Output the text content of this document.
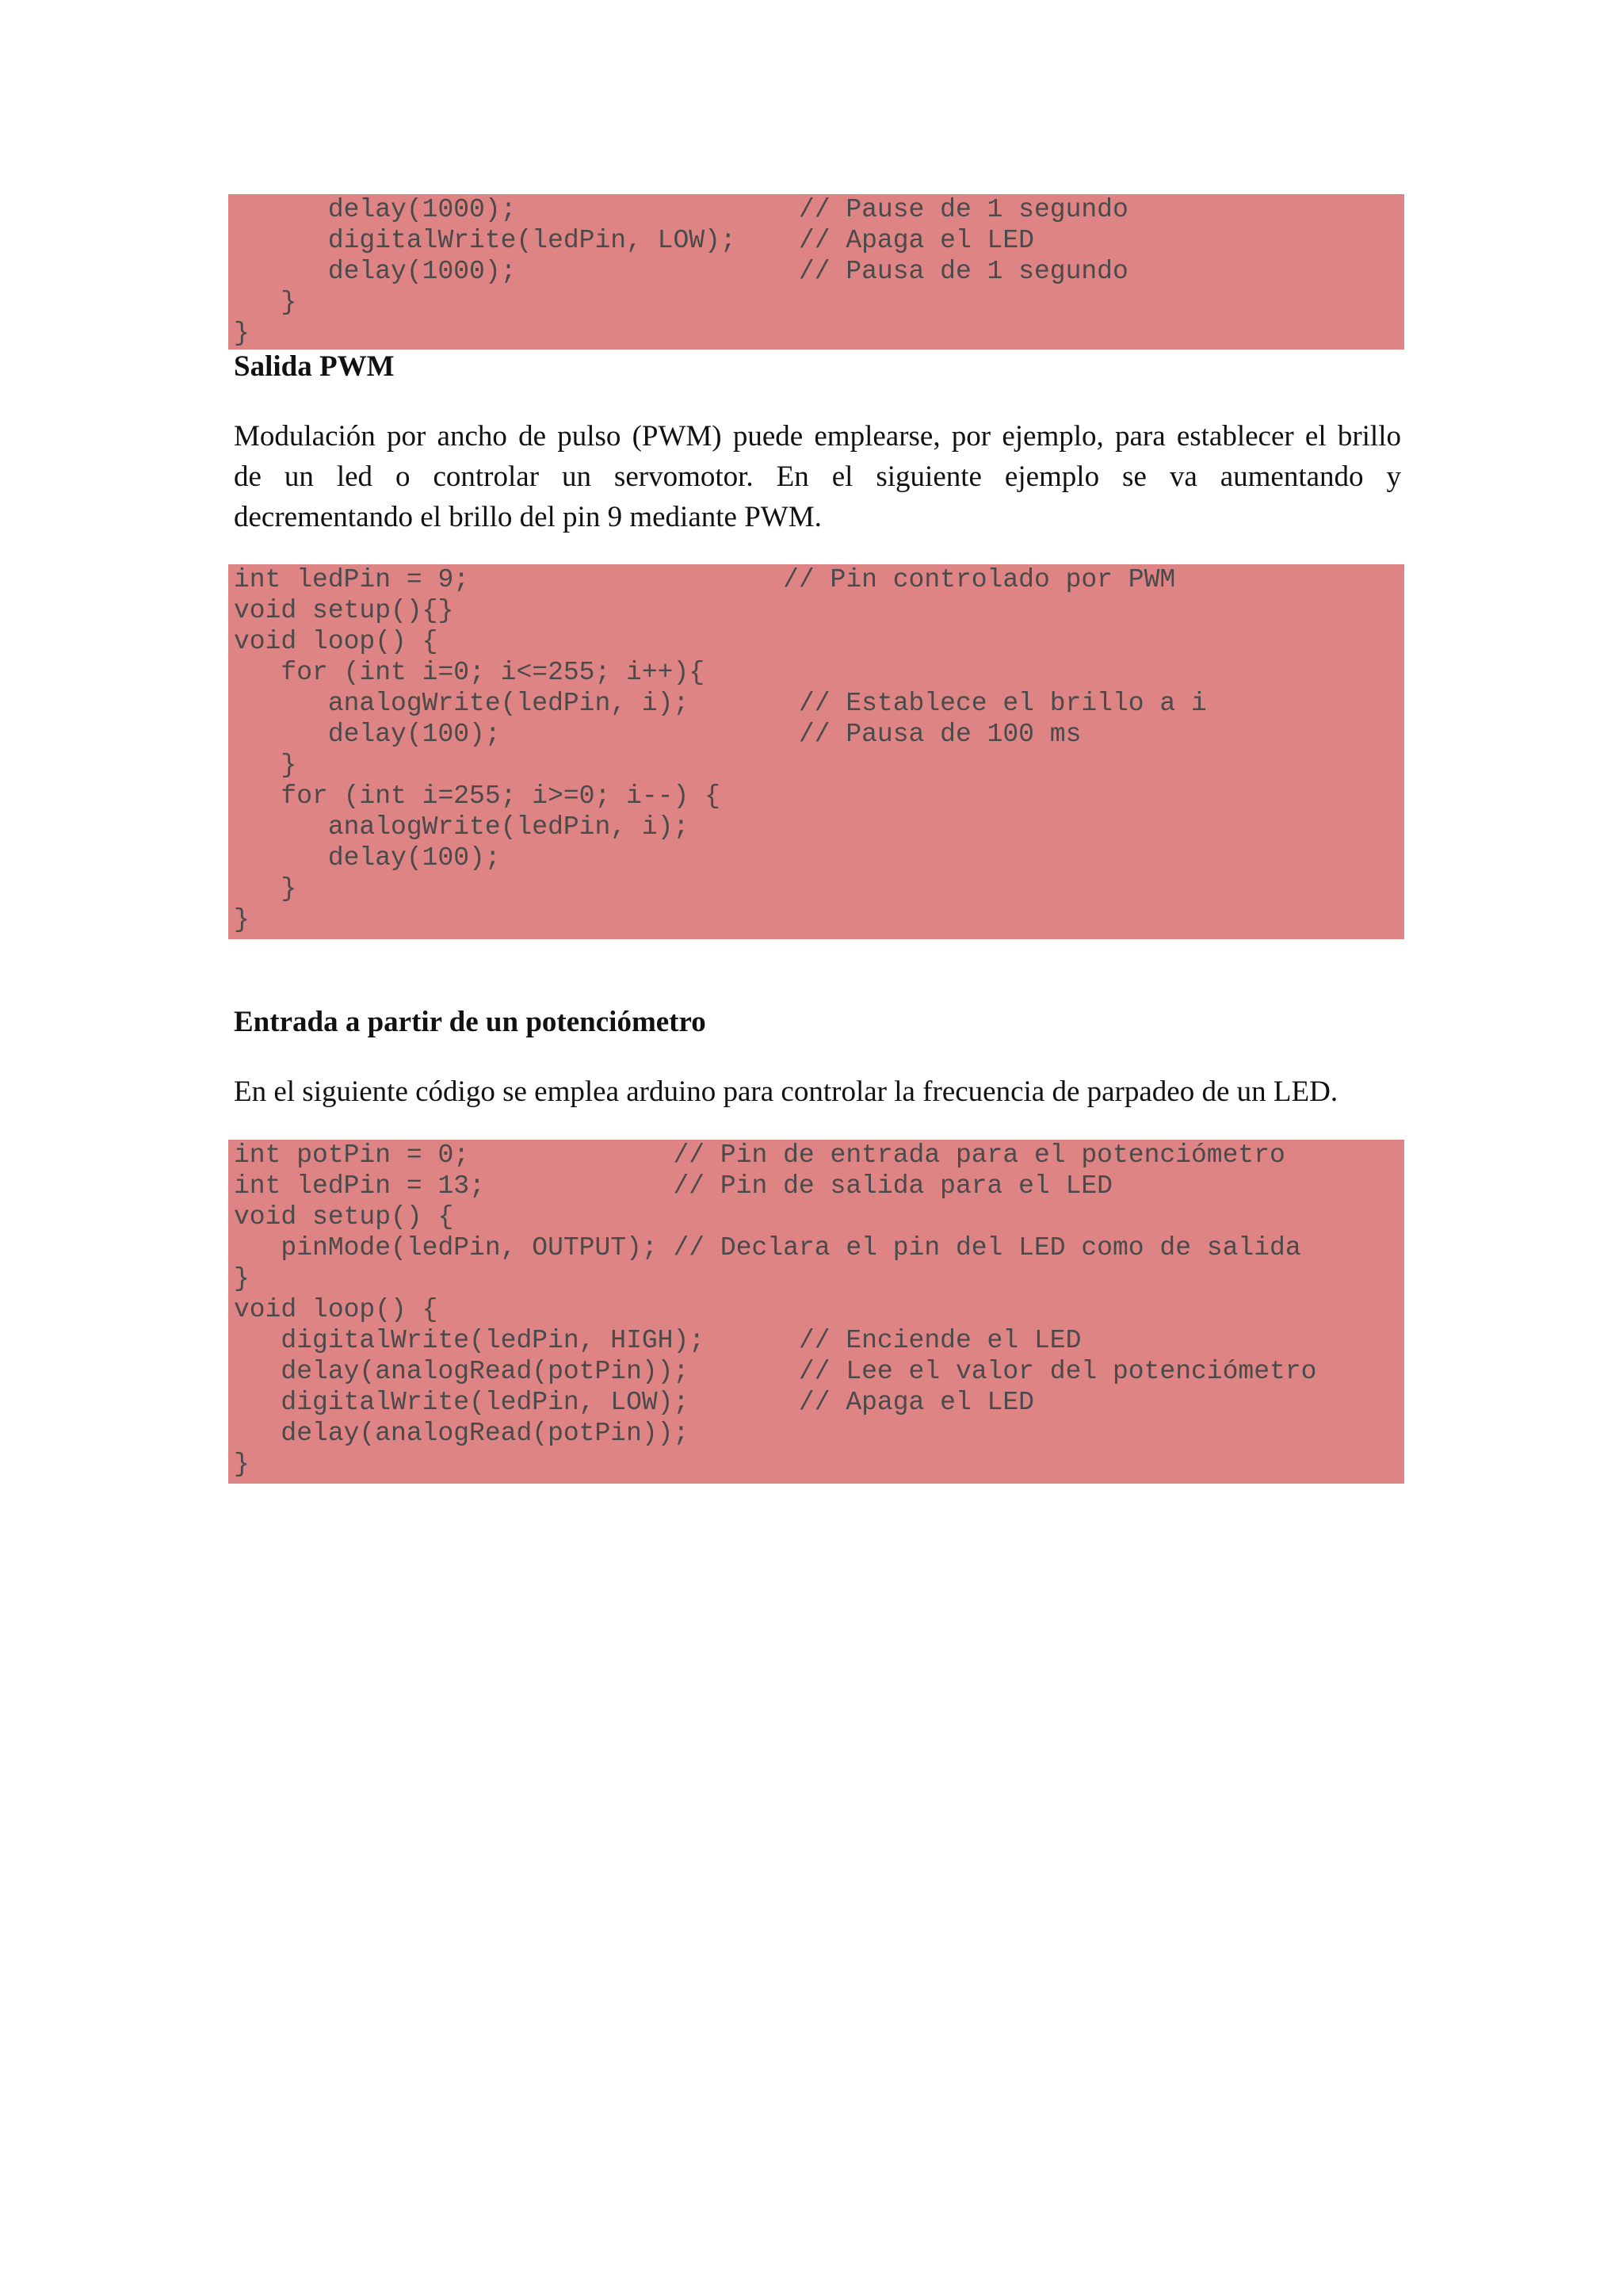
delay(1000);                  // Pause de 1 segundo
digitalWrite(ledPin, LOW);    // Apaga el LED
delay(1000);                  // Pausa de 1 segundo
}
}
Salida PWM
Modulación por ancho de pulso (PWM) puede emplearse, por ejemplo, para establecer el brillo
de un led o controlar un servomotor. En el siguiente ejemplo se va aumentando y
decrementando el brillo del pin 9 mediante PWM.
int ledPin = 9;                    // Pin controlado por PWM
void setup(){}
void loop() {
for (int i=0; i<=255; i++){
analogWrite(ledPin, i);       // Establece el brillo a i
delay(100);                   // Pausa de 100 ms
}
for (int i=255; i>=0; i--) {
analogWrite(ledPin, i);
delay(100);
}
}
Entrada a partir de un potenciómetro
En el siguiente código se emplea arduino para controlar la frecuencia de parpadeo de un LED.
int potPin = 0;             // Pin de entrada para el potenciómetro
int ledPin = 13;            // Pin de salida para el LED
void setup() {
pinMode(ledPin, OUTPUT); // Declara el pin del LED como de salida
}
void loop() {
digitalWrite(ledPin, HIGH);      // Enciende el LED
delay(analogRead(potPin));       // Lee el valor del potenciómetro
digitalWrite(ledPin, LOW);       // Apaga el LED
delay(analogRead(potPin));
}
